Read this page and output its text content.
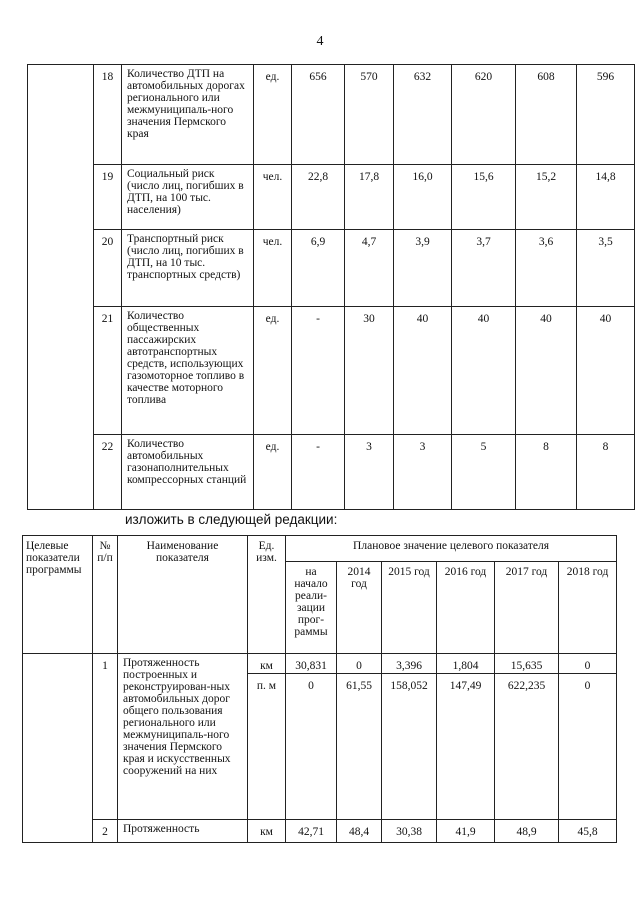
4
	18	Количество ДТП на автомобильных дорогах регионального или межмуниципаль-ного значения Пермского края	ед.	656	570	632	620	608	596
	19	Социальный риск (число лиц, погибших в ДТП, на 100 тыс. населения)	чел.	22,8	17,8	16,0	15,6	15,2	14,8
	20	Транспортный риск (число лиц, погибших в ДТП, на 10 тыс. транспортных средств)	чел.	6,9	4,7	3,9	3,7	3,6	3,5
	21	Количество общественных пассажирских автотранспортных средств, использующих газомоторное топливо в качестве моторного топлива	ед.	-	30	40	40	40	40
	22	Количество автомобильных газонаполнительных компрессорных станций	ед.	-	3	3	5	8	8
изложить в следующей редакции:
Целевые показатели программы	№ п/п	Наименование показателя	Ед. изм.	Плановое значение целевого показателя					
				на начало реали-зации прог-раммы	2014 год	2015 год	2016 год	2017 год	2018 год
	1	Протяженность построенных и реконструирован-ных автомобильных дорог общего пользования регионального или межмуниципаль-ного значения Пермского края и искусственных сооружений на них	км	30,831	0	3,396	1,804	15,635	0
			п. м	0	61,55	158,052	147,49	622,235	0
	2	Протяженность	км	42,71	48,4	30,38	41,9	48,9	45,8
